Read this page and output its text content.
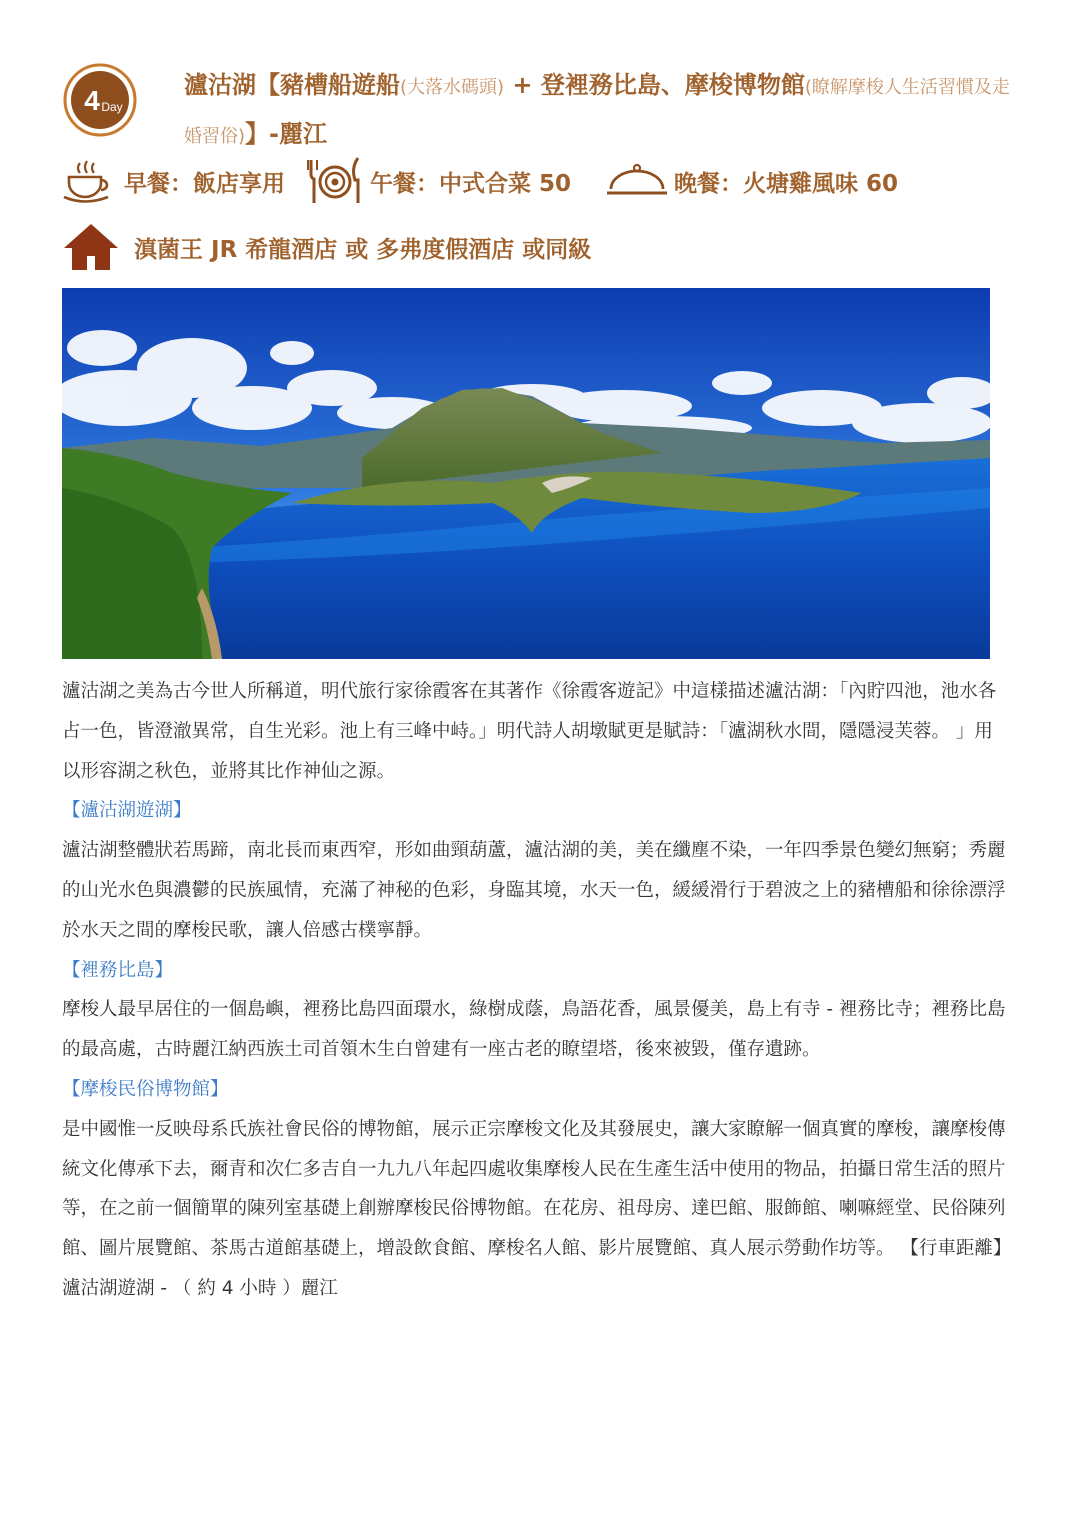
4 Day
瀘沽湖【豬槽船遊船(大落水碼頭) + 登裡務比島、摩梭博物館(瞭解摩梭人生活習慣及走婚習俗)】-麗江
早餐：飯店享用	午餐：中式合菜 50	晚餐：火塘雞風味 60
滇菌王 JR 希龍酒店 或 多弗度假酒店 或同級

瀘沽湖之美為古今世人所稱道，明代旅行家徐霞客在其著作《徐霞客遊記》中這樣描述瀘沽湖：「內貯四池，池水各占一色，皆澄澈異常，自生光彩。池上有三峰中峙。」明代詩人胡墩賦更是賦詩：「瀘湖秋水間，隱隱浸芙蓉。 」用以形容湖之秋色，並將其比作神仙之源。

【瀘沽湖遊湖】

瀘沽湖整體狀若馬蹄，南北長而東西窄，形如曲頸葫蘆，瀘沽湖的美，美在纖塵不染，一年四季景色變幻無窮；秀麗的山光水色與濃鬱的民族風情，充滿了神秘的色彩，身臨其境，水天一色，緩緩滑行于碧波之上的豬槽船和徐徐漂浮於水天之間的摩梭民歌，讓人倍感古樸寧靜。

【裡務比島】

摩梭人最早居住的一個島嶼，裡務比島四面環水，綠樹成蔭，鳥語花香，風景優美，島上有寺 - 裡務比寺；裡務比島的最高處，古時麗江納西族土司首領木生白曾建有一座古老的瞭望塔，後來被毀，僅存遺跡。

【摩梭民俗博物館】

是中國惟一反映母系氏族社會民俗的博物館，展示正宗摩梭文化及其發展史，讓大家瞭解一個真實的摩梭，讓摩梭傳統文化傳承下去，爾青和次仁多吉自一九九八年起四處收集摩梭人民在生產生活中使用的物品，拍攝日常生活的照片等，在之前一個簡單的陳列室基礎上創辦摩梭民俗博物館。在花房、祖母房、達巴館、服飾館、喇嘛經堂、民俗陳列館、圖片展覽館、茶馬古道館基礎上，增設飲食館、摩梭名人館、影片展覽館、真人展示勞動作坊等。 【行車距離】瀘沽湖遊湖 - （ 約 4 小時 ）麗江
